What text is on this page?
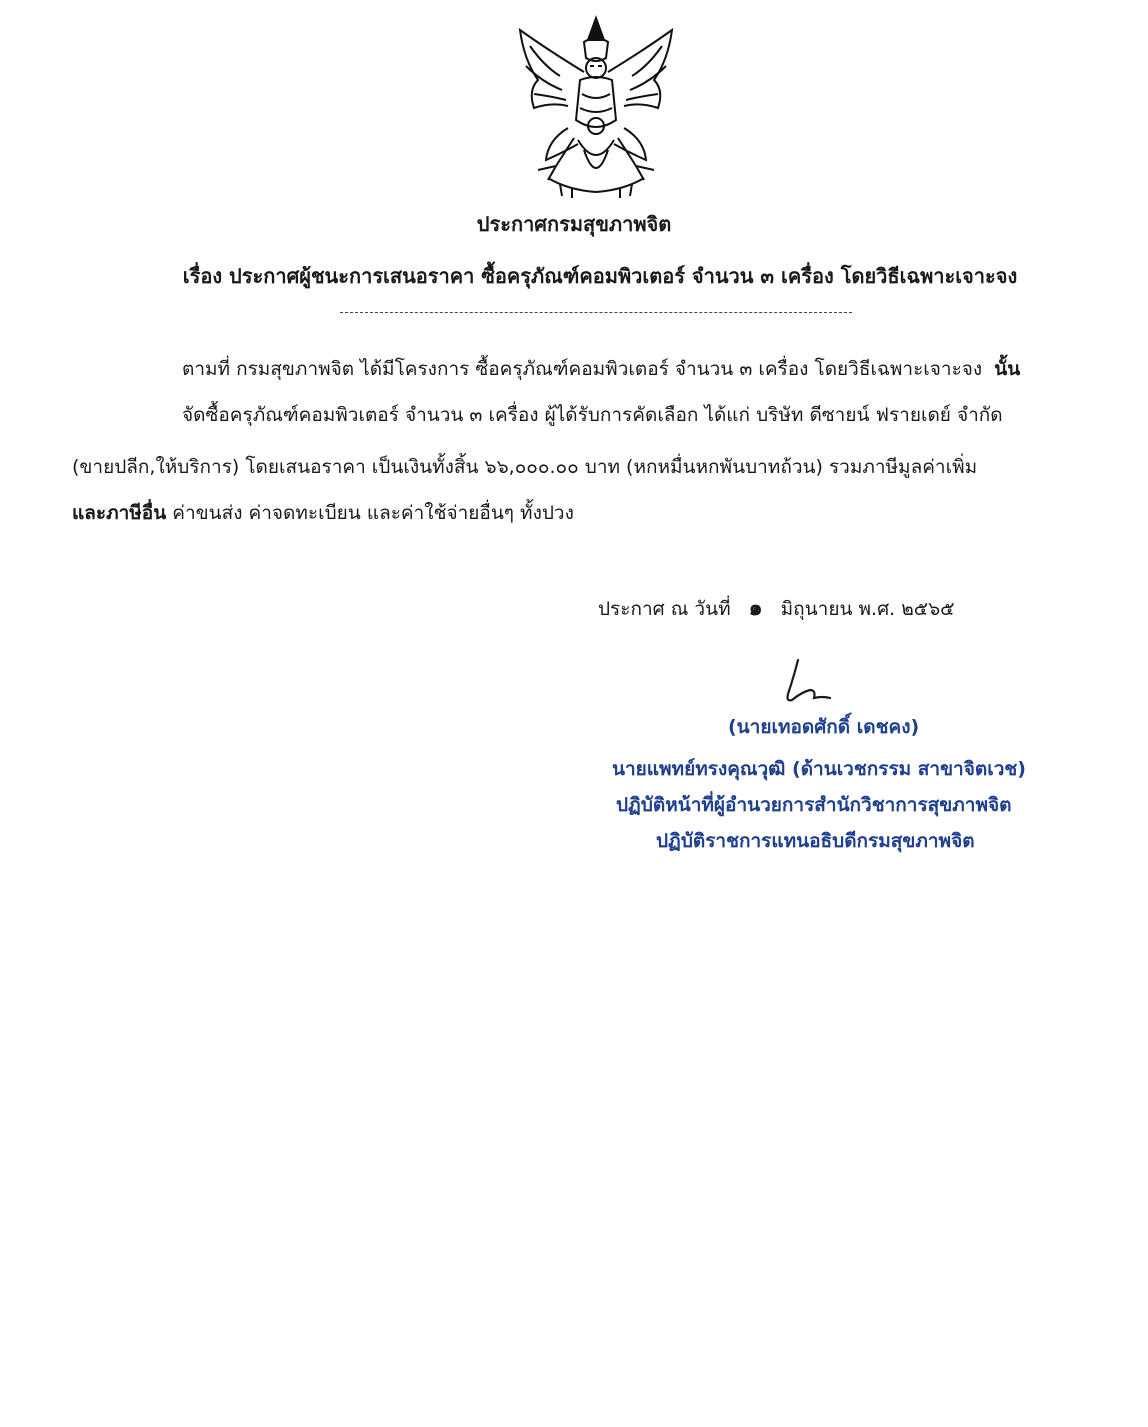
ประกาศกรมสุขภาพจิต
เรื่อง ประกาศผู้ชนะการเสนอราคา ซื้อครุภัณฑ์คอมพิวเตอร์ จำนวน ๓ เครื่อง โดยวิธีเฉพาะเจาะจง
ตามที่ กรมสุขภาพจิต ได้มีโครงการ ซื้อครุภัณฑ์คอมพิวเตอร์ จำนวน ๓ เครื่อง โดยวิธีเฉพาะเจาะจง นั้น
จัดซื้อครุภัณฑ์คอมพิวเตอร์ จำนวน ๓ เครื่อง ผู้ได้รับการคัดเลือก ได้แก่ บริษัท ดีซายน์ ฟรายเดย์ จำกัด
(ขายปลีก,ให้บริการ) โดยเสนอราคา เป็นเงินทั้งสิ้น ๖๖,๐๐๐.๐๐ บาท (หกหมื่นหกพันบาทถ้วน) รวมภาษีมูลค่าเพิ่ม
และภาษีอื่น ค่าขนส่ง ค่าจดทะเบียน และค่าใช้จ่ายอื่นๆ ทั้งปวง
ประกาศ ณ วันที่ ๑ มิถุนายน พ.ศ. ๒๕๖๕
(นายเทอดศักดิ์ เดชคง)
นายแพทย์ทรงคุณวุฒิ (ด้านเวชกรรม สาขาจิตเวช)
ปฏิบัติหน้าที่ผู้อำนวยการสำนักวิชาการสุขภาพจิต
ปฏิบัติราชการแทนอธิบดีกรมสุขภาพจิต
